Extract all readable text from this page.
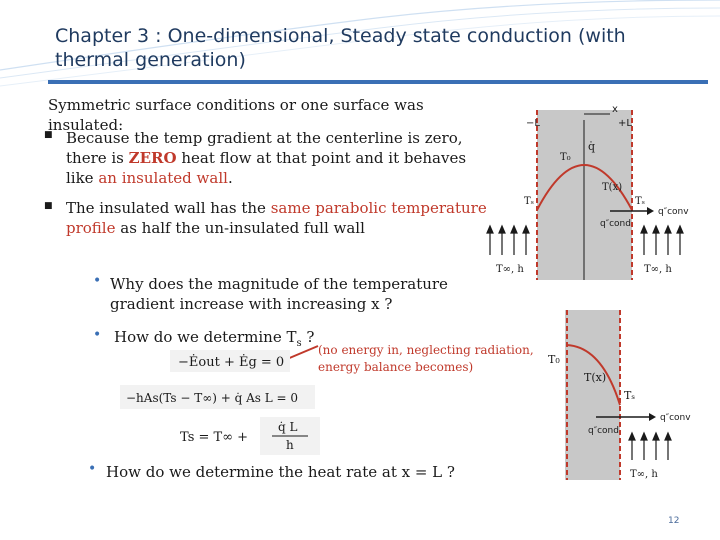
Chapter 3 : One-dimensional, Steady state conduction (with thermal generation)
Symmetric surface conditions or one surface was insulated:
■ Because the temp gradient at the centerline is zero, there is ZERO heat flow at that point and it behaves like an insulated wall.
■ The insulated wall has the same parabolic temperature profile as half the un-insulated full wall
• Why does the magnitude of the temperature gradient increase with increasing x ?
• How do we determine $T_s$ ?
(no energy in, neglecting radiation, energy balance becomes)
−Ėout + Ėg = 0
−hAs(Ts − T∞) + q̇ As L = 0
Ts = T∞ +
q̇ L
h
• How do we determine the heat rate at x = L ?
x
−L	+L
q̇
T₀
T(x)
Tₛ	Tₛ
q″cond
q″conv
T∞, h	T∞, h
T₀
T(x)
Tₛ
q″cond
q″conv
T∞, h
12
